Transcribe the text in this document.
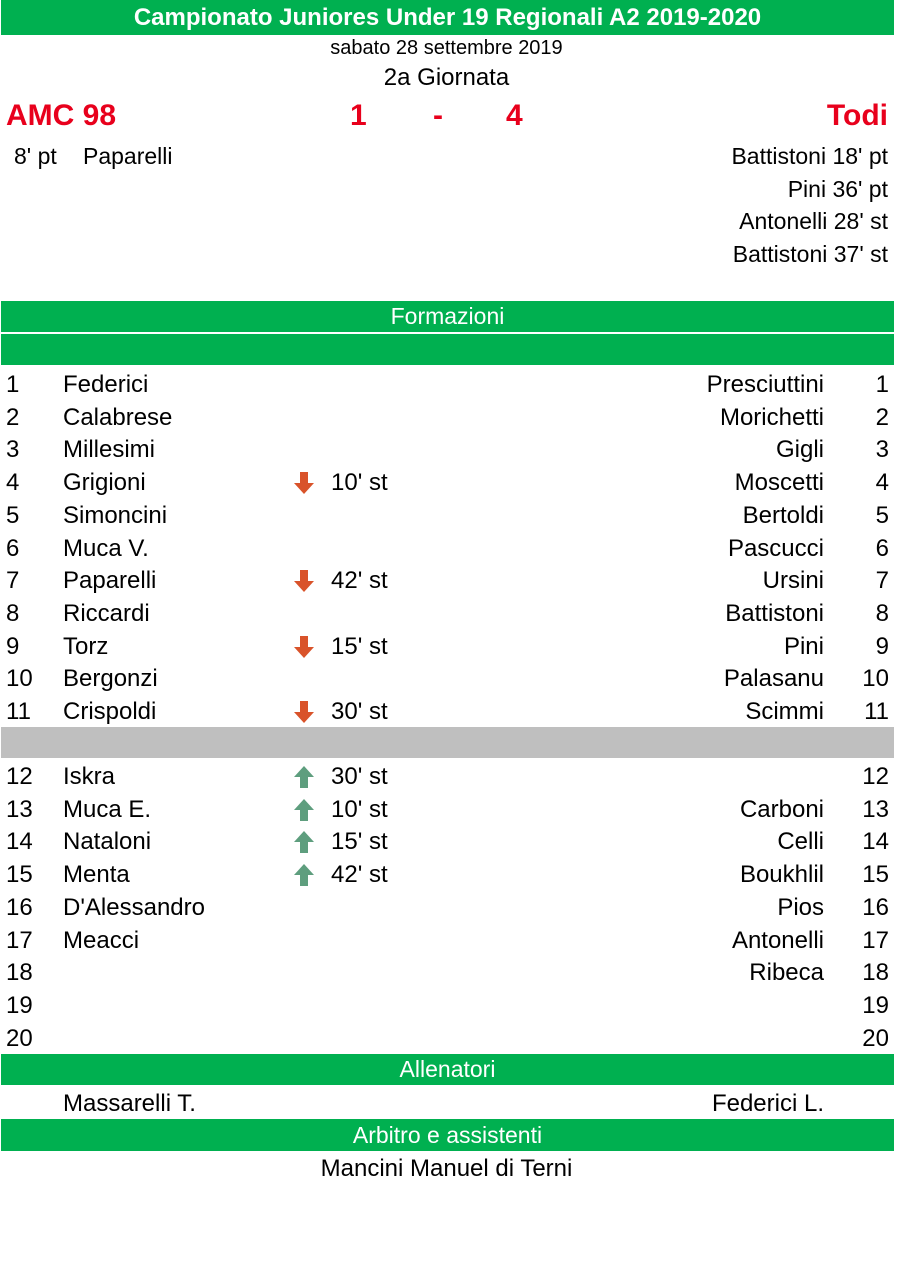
Campionato Juniores Under 19 Regionali A2 2019-2020
sabato 28 settembre 2019
2a Giornata
AMC 98	1 - 4	Todi
8' pt Paparelli	Battistoni 18' pt
Pini 36' pt
Antonelli 28' st
Battistoni 37' st
Formazioni
1 Federici	Presciuttini 1
2 Calabrese	Morichetti 2
3 Millesimi	Gigli 3
4 Grigioni	10' st	Moscetti 4
5 Simoncini	Bertoldi 5
6 Muca V.	Pascucci 6
7 Paparelli	42' st	Ursini 7
8 Riccardi	Battistoni 8
9 Torz	15' st	Pini 9
10 Bergonzi	Palasanu 10
11 Crispoldi	30' st	Scimmi 11
12 Iskra	30' st	12
13 Muca E.	10' st	Carboni 13
14 Nataloni	15' st	Celli 14
15 Menta	42' st	Boukhlil 15
16 D'Alessandro	Pios 16
17 Meacci	Antonelli 17
18	Ribeca 18
19	19
20	20
Allenatori
Massarelli T.	Federici L.
Arbitro e assistenti
Mancini Manuel di Terni
